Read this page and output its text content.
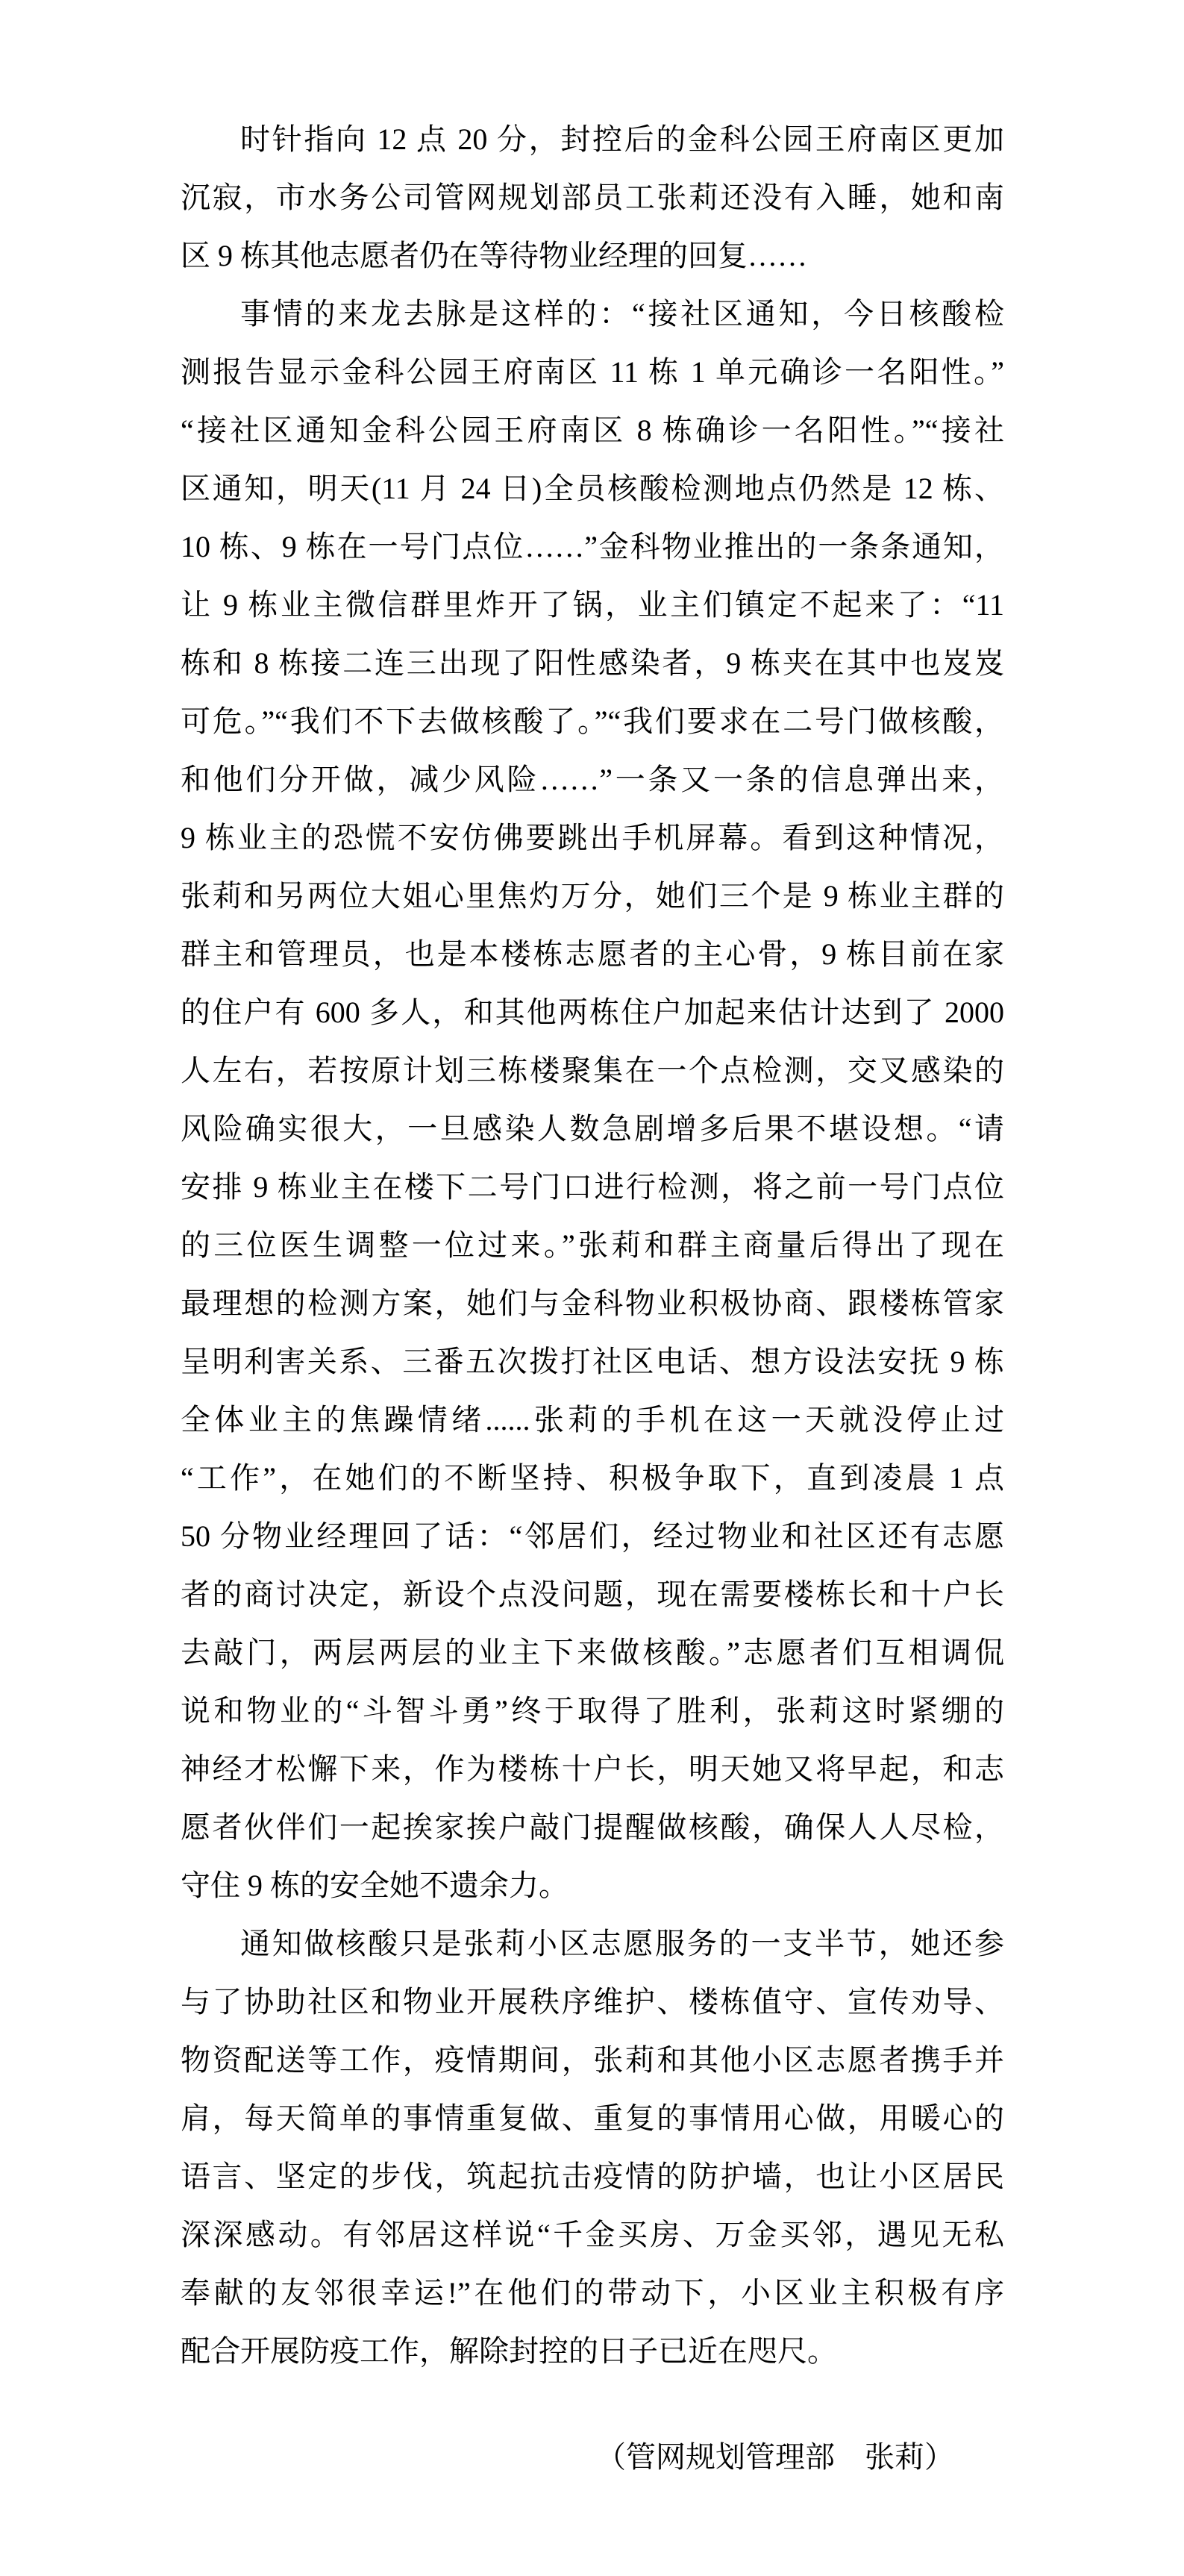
时针指向 12 点 20 分，封控后的金科公园王府南区更加
沉寂，市水务公司管网规划部员工张莉还没有入睡，她和南
区 9 栋其他志愿者仍在等待物业经理的回复……
事情的来龙去脉是这样的：“接社区通知，今日核酸检
测报告显示金科公园王府南区 11 栋 1 单元确诊一名阳性。”
“接社区通知金科公园王府南区 8 栋确诊一名阳性。”“接社
区通知，明天(11 月 24 日)全员核酸检测地点仍然是 12 栋、
10 栋、9 栋在一号门点位……”金科物业推出的一条条通知，
让 9 栋业主微信群里炸开了锅，业主们镇定不起来了：“11
栋和 8 栋接二连三出现了阳性感染者，9 栋夹在其中也岌岌
可危。”“我们不下去做核酸了。”“我们要求在二号门做核酸，
和他们分开做，减少风险……”一条又一条的信息弹出来，
9 栋业主的恐慌不安仿佛要跳出手机屏幕。看到这种情况，
张莉和另两位大姐心里焦灼万分，她们三个是 9 栋业主群的
群主和管理员，也是本楼栋志愿者的主心骨，9 栋目前在家
的住户有 600 多人，和其他两栋住户加起来估计达到了 2000
人左右，若按原计划三栋楼聚集在一个点检测，交叉感染的
风险确实很大，一旦感染人数急剧增多后果不堪设想。“请
安排 9 栋业主在楼下二号门口进行检测，将之前一号门点位
的三位医生调整一位过来。”张莉和群主商量后得出了现在
最理想的检测方案，她们与金科物业积极协商、跟楼栋管家
呈明利害关系、三番五次拨打社区电话、想方设法安抚 9 栋
全体业主的焦躁情绪......张莉的手机在这一天就没停止过
“工作”，在她们的不断坚持、积极争取下，直到凌晨 1 点
50 分物业经理回了话：“邻居们，经过物业和社区还有志愿
者的商讨决定，新设个点没问题，现在需要楼栋长和十户长
去敲门，两层两层的业主下来做核酸。”志愿者们互相调侃
说和物业的“斗智斗勇”终于取得了胜利，张莉这时紧绷的
神经才松懈下来，作为楼栋十户长，明天她又将早起，和志
愿者伙伴们一起挨家挨户敲门提醒做核酸，确保人人尽检，
守住 9 栋的安全她不遗余力。
通知做核酸只是张莉小区志愿服务的一支半节，她还参
与了协助社区和物业开展秩序维护、楼栋值守、宣传劝导、
物资配送等工作，疫情期间，张莉和其他小区志愿者携手并
肩，每天简单的事情重复做、重复的事情用心做，用暖心的
语言、坚定的步伐，筑起抗击疫情的防护墙，也让小区居民
深深感动。有邻居这样说“千金买房、万金买邻，遇见无私
奉献的友邻很幸运!”在他们的带动下，小区业主积极有序
配合开展防疫工作，解除封控的日子已近在咫尺。
（管网规划管理部　张莉）
